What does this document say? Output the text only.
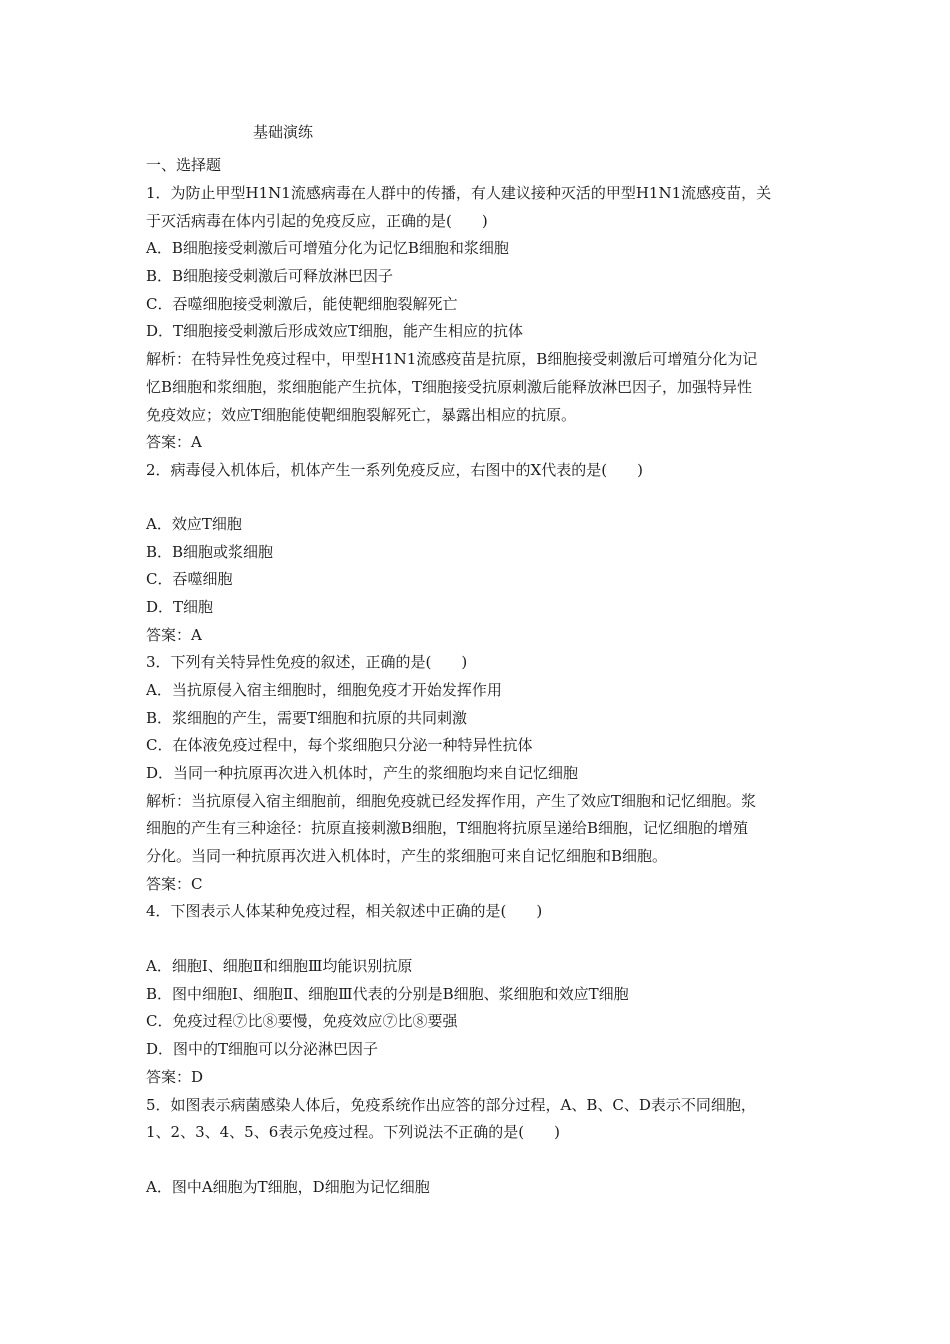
基础演练
一、选择题
1．为防止甲型H1N1流感病毒在人群中的传播，有人建议接种灭活的甲型H1N1流感疫苗，关
于灭活病毒在体内引起的免疫反应，正确的是(　　)
A．B细胞接受刺激后可增殖分化为记忆B细胞和浆细胞
B．B细胞接受刺激后可释放淋巴因子
C．吞噬细胞接受刺激后，能使靶细胞裂解死亡
D．T细胞接受刺激后形成效应T细胞，能产生相应的抗体
解析：在特异性免疫过程中，甲型H1N1流感疫苗是抗原，B细胞接受刺激后可增殖分化为记
忆B细胞和浆细胞，浆细胞能产生抗体，T细胞接受抗原刺激后能释放淋巴因子，加强特异性
免疫效应；效应T细胞能使靶细胞裂解死亡，暴露出相应的抗原。
答案：A
2．病毒侵入机体后，机体产生一系列免疫反应，右图中的X代表的是(　　)
A．效应T细胞
B．B细胞或浆细胞
C．吞噬细胞
D．T细胞
答案：A
3．下列有关特异性免疫的叙述，正确的是(　　)
A．当抗原侵入宿主细胞时，细胞免疫才开始发挥作用
B．浆细胞的产生，需要T细胞和抗原的共同刺激
C．在体液免疫过程中，每个浆细胞只分泌一种特异性抗体
D．当同一种抗原再次进入机体时，产生的浆细胞均来自记忆细胞
解析：当抗原侵入宿主细胞前，细胞免疫就已经发挥作用，产生了效应T细胞和记忆细胞。浆
细胞的产生有三种途径：抗原直接刺激B细胞，T细胞将抗原呈递给B细胞，记忆细胞的增殖
分化。当同一种抗原再次进入机体时，产生的浆细胞可来自记忆细胞和B细胞。
答案：C
4．下图表示人体某种免疫过程，相关叙述中正确的是(　　)
A．细胞Ⅰ、细胞Ⅱ和细胞Ⅲ均能识别抗原
B．图中细胞Ⅰ、细胞Ⅱ、细胞Ⅲ代表的分别是B细胞、浆细胞和效应T细胞
C．免疫过程⑦比⑧要慢，免疫效应⑦比⑧要强
D．图中的T细胞可以分泌淋巴因子
答案：D
5．如图表示病菌感染人体后，免疫系统作出应答的部分过程，A、B、C、D表示不同细胞，
1、2、3、4、5、6表示免疫过程。下列说法不正确的是(　　)
A．图中A细胞为T细胞，D细胞为记忆细胞
